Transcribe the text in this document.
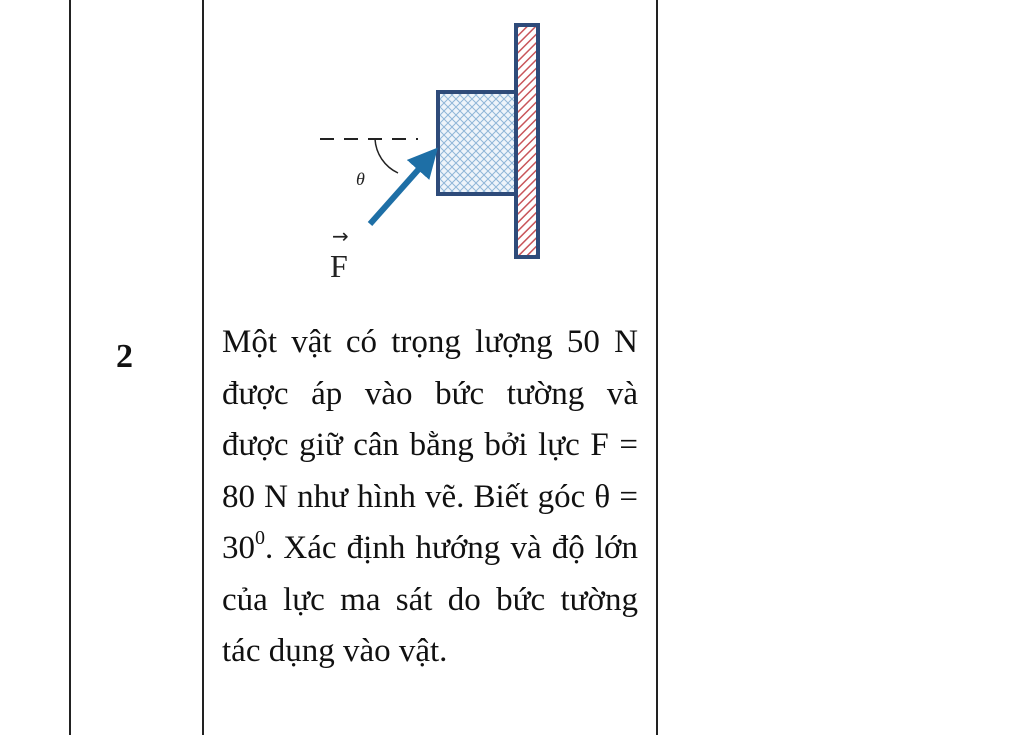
2
θ
→
F

Một vật có trọng lượng 50 N được áp vào bức tường và được giữ cân bằng bởi lực F = 80 N như hình vẽ. Biết góc $\theta = 30^0$. Xác định hướng và độ lớn của lực ma sát do bức tường tác dụng vào vật.
